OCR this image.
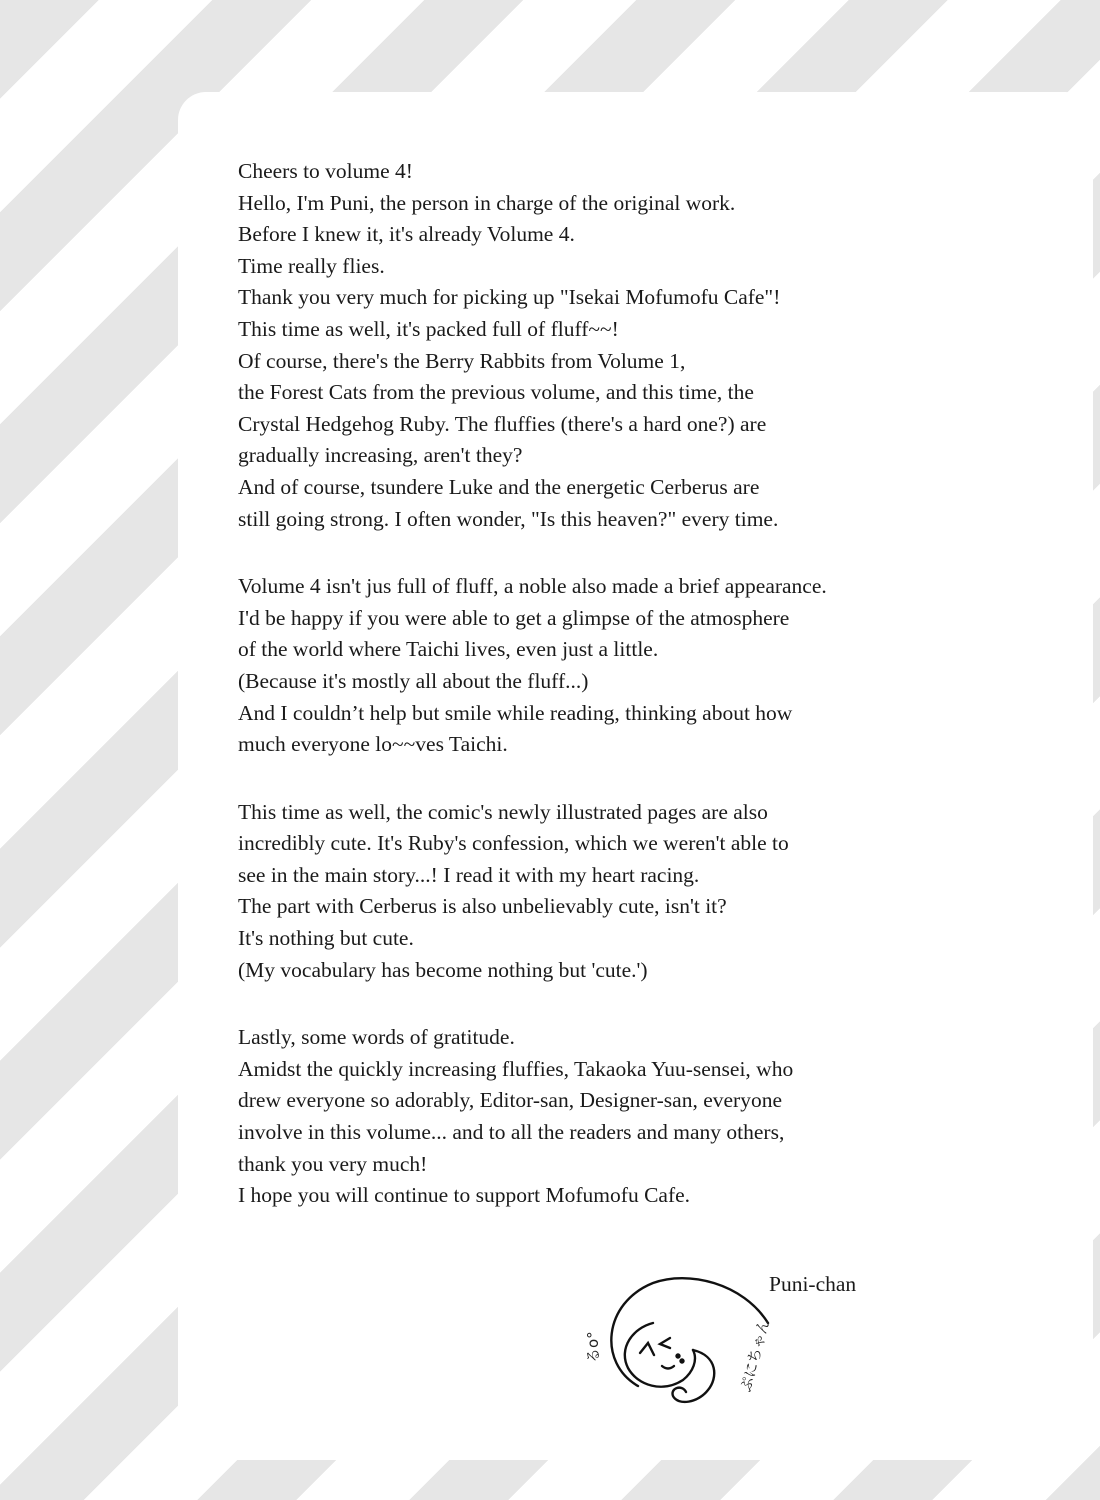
Cheers to volume 4!
Hello, I'm Puni, the person in charge of the original work.
Before I knew it, it's already Volume 4.
Time really flies.
Thank you very much for picking up "Isekai Mofumofu Cafe"!
This time as well, it's packed full of fluff~~!
Of course, there's the Berry Rabbits from Volume 1,
the Forest Cats from the previous volume, and this time, the
Crystal Hedgehog Ruby. The fluffies (there's a hard one?) are
gradually increasing, aren't they?
And of course, tsundere Luke and the energetic Cerberus are
still going strong. I often wonder, "Is this heaven?" every time.

Volume 4 isn't jus full of fluff, a noble also made a brief appearance.
I'd be happy if you were able to get a glimpse of the atmosphere
of the world where Taichi lives, even just a little.
(Because it's mostly all about the fluff...)
And I couldn’t help but smile while reading, thinking about how
much everyone lo~~ves Taichi.

This time as well, the comic's newly illustrated pages are also
incredibly cute. It's Ruby's confession, which we weren't able to
see in the main story...! I read it with my heart racing.
The part with Cerberus is also unbelievably cute, isn't it?
It's nothing but cute.
(My vocabulary has become nothing but 'cute.')

Lastly, some words of gratitude.
Amidst the quickly increasing fluffies, Takaoka Yuu-sensei, who
drew everyone so adorably, Editor-san, Designer-san, everyone
involve in this volume... and to all the readers and many others,
thank you very much!
I hope you will continue to support Mofumofu Cafe.

Puni-chan
るo°	ぷにちゃん
